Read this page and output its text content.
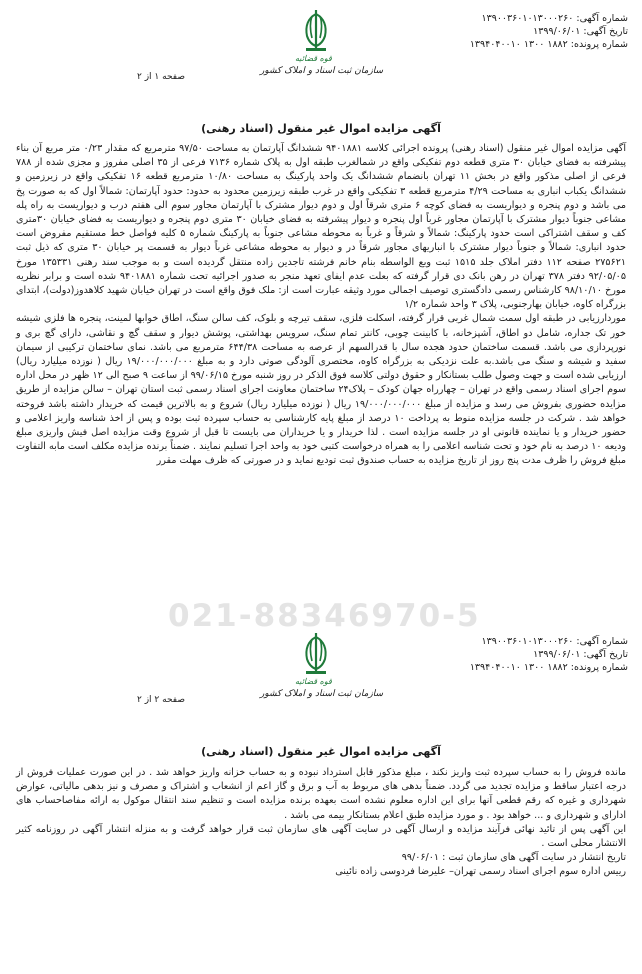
شماره آگهی: ۱۳۹۰۰۳۶۰۱۰۱۳۰۰۰۲۶۰
تاریخ آگهی: ۱۳۹۹/۰۶/۰۱
شماره پرونده: ۱۸۸۲ ۱۳۰۰ ۱۳۹۴۰۴۰۰۱۰
قوه قضائیه
سازمان ثبت اسناد و املاک کشور
صفحه ۱ از ۲
آگهی مزایده اموال غیر منقول (اسناد رهنی)

آگهی مزایده اموال غیر منقول (اسناد رهنی) پرونده اجرائی کلاسه ۹۴۰۱۸۸۱ ششدانگ آپارتمان به مساحت ۹۷/۵۰ مترمربع که مقدار ۰/۲۳ متر مربع آن بناء پیشرفته به فضای خیابان ۳۰ متری قطعه دوم تفکیکی واقع در شمالغرب طبقه اول به پلاک شماره ۷۱۳۶ فرعی از ۳۵ اصلی مفروز و مجزی شده از ۷۸۸ فرعی از اصلی مذکور واقع در بخش ۱۱ تهران بانضمام ششدانگ یک واحد پارکینگ به مساحت ۱۰/۸۰ مترمربع قطعه ۱۶ تفکیکی واقع در زیرزمین و ششدانگ یکباب انباری به مساحت ۴/۲۹ مترمربع قطعه ۳ تفکیکی واقع در غرب طبقه زیرزمین محدود به حدود: حدود آپارتمان: شمالاً اول که به صورت پخ می باشد و دوم پنجره و دیواریست به فضای کوچه ۶ متری شرقاً اول و دوم دیوار مشترک با آپارتمان مجاور سوم الی هفتم درب و دیواریست به راه پله مشاعی جنوباً دیوار مشترک با آپارتمان مجاور غرباً اول پنجره و دیوار پیشرفته به فضای خیابان ۳۰ متری دوم پنجره و دیواریست به فضای خیابان ۳۰متری کف و سقف اشتراکی است حدود پارکینگ: شمالاً و شرقاً و غرباً به محوطه مشاعی جنوباً به پارکینگ شماره ۵ کلیه فواصل خط مستقیم مفروض است حدود انباری: شمالاً و جنوباً دیوار مشترک با انباریهای مجاور شرقاً در و دیوار به محوطه مشاعی غرباً دیوار به قسمت پر خیابان ۳۰ متری که ذیل ثبت ۲۷۵۶۲۱ صفحه ۱۱۲ دفتر املاک جلد ۱۵۱۵ ثبت وبع الواسطه بنام خانم فرشته تاجدین زاده منتقل گردیده است و به موجب سند رهنی ۱۳۵۳۳۱ مورخ ۹۲/۰۵/۰۵ دفتر ۳۷۸ تهران در رهن بانک دی قرار گرفته که بعلت عدم ایفای تعهد منجر به صدور اجرائیه تحت شماره ۹۴۰۱۸۸۱ شده است و برابر نظریه مورخ ۹۸/۱۰/۱۰ کارشناس رسمی دادگستری توصیف اجمالی مورد وثیقه عبارت است از: ملک فوق واقع است در تهران خیابان شهید کلاهدوز(دولت)، ابتدای بزرگراه کاوه، خیابان بهارجنوبی، پلاک ۳ واحد شماره ۱/۲

موردارزیابی در طبقه اول سمت شمال غربی قرار گرفته، اسکلت فلزی، سقف تیرچه و بلوک، کف سالن سنگ، اطاق خوابها لمینت، پنجره ها فلزی شیشه خور تک جداره، شامل دو اطاق، آشپزخانه، با کابینت چوبی، کانتر تمام سنگ، سرویس بهداشتی، پوشش دیوار و سقف گچ و نقاشی، دارای گچ بری و نورپردازی می باشد. قسمت ساختمان حدود هجده سال با قدرالسهم از عرصه به مساحت ۶۴۴/۳۸ مترمربع می باشد. نمای ساختمان ترکیبی از سیمان سفید و شیشه و سنگ می باشد.به علت نزدیکی به بزرگراه کاوه، مختصری آلودگی صوتی دارد و به مبلغ ۱۹/۰۰۰/۰۰۰/۰۰۰ ریال ( نوزده میلیارد ریال) ارزیابی شده است و جهت وصول طلب بستانکار و حقوق دولتی کلاسه فوق الذکر در روز شنبه مورخ ۹۹/۰۶/۱۵ از ساعت ۹ صبح الی ۱۲ ظهر در محل اداره سوم اجرای اسناد رسمی واقع در تهران – چهارراه جهان کودک – پلاک۲۴ ساختمان معاونت اجرای اسناد رسمی ثبت استان تهران – سالن مزایده از طریق مزایده حضوری بفروش می رسد و مزایده از مبلغ ۱۹/۰۰۰/۰۰۰/۰۰۰ ریال ( نوزده میلیارد ریال) شروع و به بالاترین قیمت که خریدار داشته باشد فروخته خواهد شد . شرکت در جلسه مزایده منوط به پرداخت ۱۰ درصد از مبلغ پایه کارشناسی به حساب سپرده ثبت بوده و پس از اخذ شناسه واریز اعلامی و حضور خریدار و یا نماینده قانونی او در جلسه مزایده است . لذا خریدار و یا خریداران می بایست تا قبل از شروع وقت مزایده اصل فیش واریزی مبلغ ودیعه ۱۰ درصد به نام خود و تحت شناسه اعلامی را به همراه درخواست کتبی خود به واحد اجرا تسلیم نمایند . ضمناً برنده مزایده مکلف است مابه التفاوت مبلغ فروش را ظرف مدت پنج روز از تاریخ مزایده به حساب صندوق ثبت تودیع نماید و در صورتی که ظرف مهلت مقرر

021-88346970-5
شماره آگهی: ۱۳۹۰۰۳۶۰۱۰۱۳۰۰۰۲۶۰
تاریخ آگهی: ۱۳۹۹/۰۶/۰۱
شماره پرونده: ۱۸۸۲ ۱۳۰۰ ۱۳۹۴۰۴۰۰۱۰
قوه قضائیه
سازمان ثبت اسناد و املاک کشور
صفحه ۲ از ۲
آگهی مزایده اموال غیر منقول (اسناد رهنی)

مانده فروش را به حساب سپرده ثبت واریز نکند ، مبلغ مذکور قابل استرداد نبوده و به حساب خزانه واریز خواهد شد . در این صورت عملیات فروش از درجه اعتبار ساقط و مزایده تجدید می گردد. ضمناً بدهی های مربوط به آب و برق و گاز اعم از انشعاب و اشتراک و مصرف و نیز بدهی مالیاتی، عوارض شهرداری و غیره که رقم قطعی آنها برای این اداره معلوم نشده است بعهده برنده مزایده است و تنظیم سند انتقال موکول به ارائه مفاصاحساب های ادارای و شهرداری و ... خواهد بود . و مورد مزایده طبق اعلام بستانکار بیمه می باشد .

این آگهی پس از تائید نهائی فرآیند مزایده و ارسال آگهی در سایت آگهی های سازمان ثبت قرار خواهد گرفت و به منزله انتشار آگهی در روزنامه کثیر الانتشار محلی است .

تاریخ انتشار در سایت آگهی های سازمان ثبت : ۹۹/۰۶/۰۱

رییس اداره سوم اجرای اسناد رسمی تهران– علیرضا فردوسی زاده نائینی
